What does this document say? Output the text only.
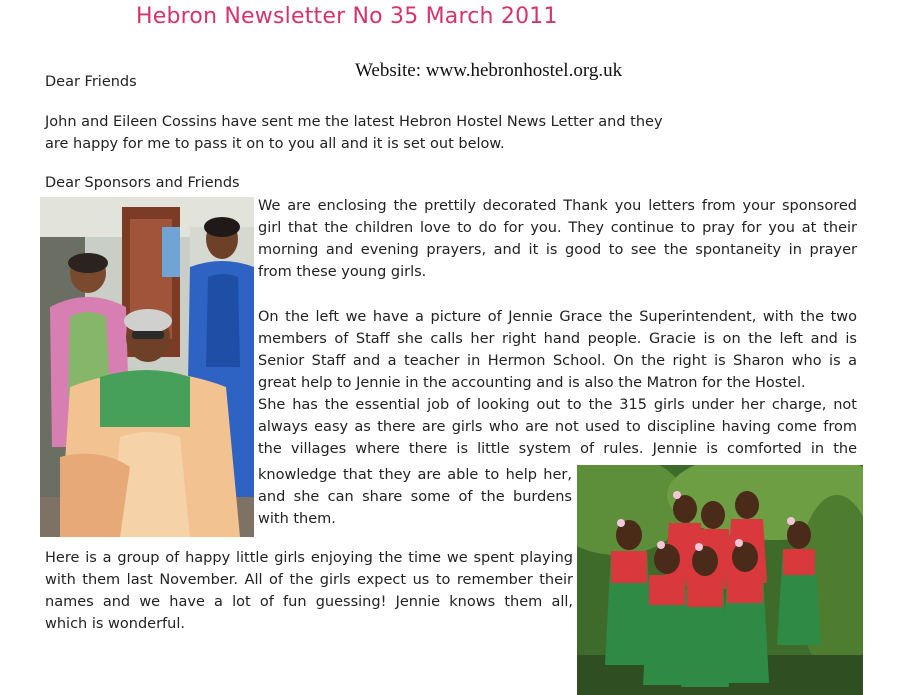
Hebron Newsletter No 35 March 2011
Website: www.hebronhostel.org.uk
Dear Friends
John and Eileen Cossins have sent me the latest Hebron Hostel News Letter and they
are happy for me to pass it on to you all and it is set out below.
Dear Sponsors and Friends
We are enclosing the prettily decorated Thank you letters from your sponsored
girl that the children love to do for you. They continue to pray for you at their
morning and evening prayers, and it is good to see the spontaneity in prayer
from these young girls.
On the left we have a picture of Jennie Grace the Superintendent, with the two
members of Staff she calls her right hand people. Gracie is on the left and is
Senior Staff and a teacher in Hermon School. On the right is Sharon who is a
great help to Jennie in the accounting and is also the Matron for the Hostel.
She has the essential job of looking out to the 315 girls under her charge, not
always easy as there are girls who are not used to discipline having come from
the villages where there is little system of rules. Jennie is comforted in the
knowledge that they are able to help her,
and she can share some of the burdens
with them.
Here is a group of happy little girls enjoying the time we spent playing
with them last November. All of the girls expect us to remember their
names and we have a lot of fun guessing! Jennie knows them all,
which is wonderful.
